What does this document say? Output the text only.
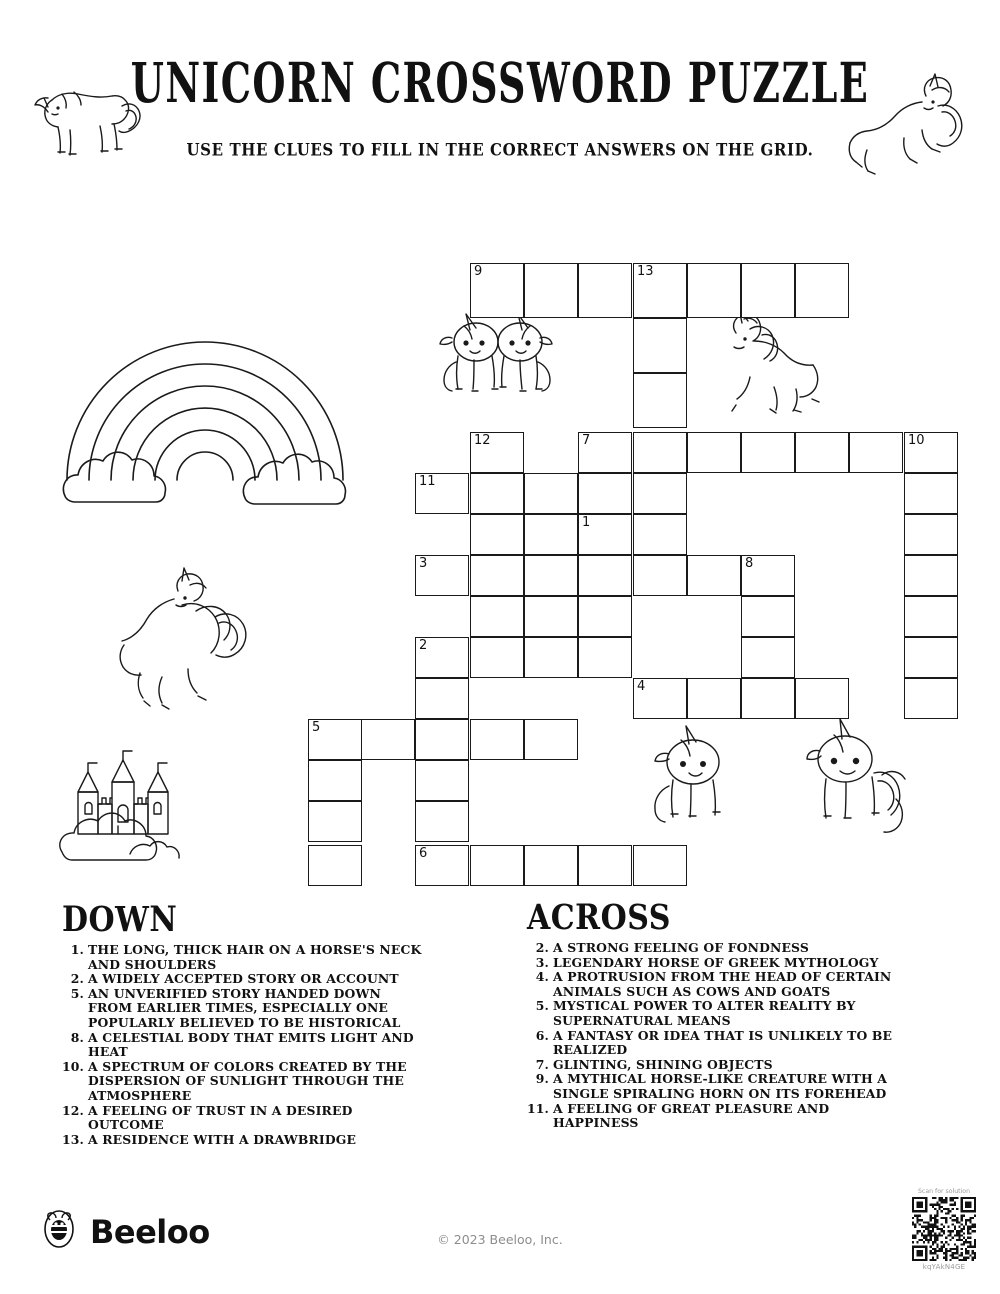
UNICORN CROSSWORD PUZZLE
USE THE CLUES TO FILL IN THE CORRECT ANSWERS ON THE GRID.
9	13
12	7	10
11
1
3	8
2
4
5
6
DOWN
1. THE LONG, THICK HAIR ON A HORSE'S NECK AND SHOULDERS
2. A WIDELY ACCEPTED STORY OR ACCOUNT
5. AN UNVERIFIED STORY HANDED DOWN FROM EARLIER TIMES, ESPECIALLY ONE POPULARLY BELIEVED TO BE HISTORICAL
8. A CELESTIAL BODY THAT EMITS LIGHT AND HEAT
10. A SPECTRUM OF COLORS CREATED BY THE DISPERSION OF SUNLIGHT THROUGH THE ATMOSPHERE
12. A FEELING OF TRUST IN A DESIRED OUTCOME
13. A RESIDENCE WITH A DRAWBRIDGE
ACROSS
2. A STRONG FEELING OF FONDNESS
3. LEGENDARY HORSE OF GREEK MYTHOLOGY
4. A PROTRUSION FROM THE HEAD OF CERTAIN ANIMALS SUCH AS COWS AND GOATS
5. MYSTICAL POWER TO ALTER REALITY BY SUPERNATURAL MEANS
6. A FANTASY OR IDEA THAT IS UNLIKELY TO BE REALIZED
7. GLINTING, SHINING OBJECTS
9. A MYTHICAL HORSE-LIKE CREATURE WITH A SINGLE SPIRALING HORN ON ITS FOREHEAD
11. A FEELING OF GREAT PLEASURE AND HAPPINESS
Beeloo	© 2023 Beeloo, Inc.
Scan for solution
kqYAkN4GE
